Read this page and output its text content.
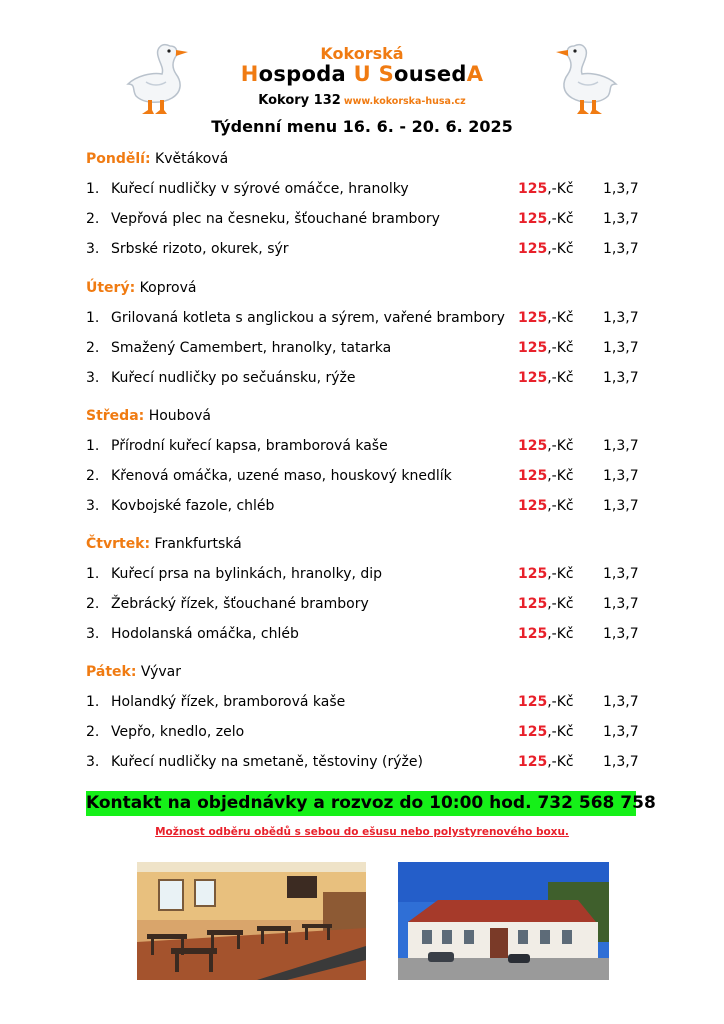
Kokorská
Hospoda U SousedA
Kokory 132 www.kokorska-husa.cz
Týdenní menu 16. 6. - 20. 6. 2025
Pondělí: Květáková
1. Kuřecí nudličky v sýrové omáčce, hranolky	125,-Kč 1,3,7
2. Vepřová plec na česneku, šťouchané brambory	125,-Kč 1,3,7
3. Srbské rizoto, okurek, sýr	125,-Kč 1,3,7
Úterý: Koprová
1. Grilovaná kotleta s anglickou a sýrem, vařené brambory 125,-Kč 1,3,7
2. Smažený Camembert, hranolky, tatarka	125,-Kč 1,3,7
3. Kuřecí nudličky po sečuánsku, rýže	125,-Kč 1,3,7
Středa: Houbová
1. Přírodní kuřecí kapsa, bramborová kaše	125,-Kč 1,3,7
2. Křenová omáčka, uzené maso, houskový knedlík	125,-Kč 1,3,7
3. Kovbojské fazole, chléb	125,-Kč 1,3,7
Čtvrtek: Frankfurtská
1. Kuřecí prsa na bylinkách, hranolky, dip	125,-Kč 1,3,7
2. Žebrácký řízek, šťouchané brambory	125,-Kč 1,3,7
3. Hodolanská omáčka, chléb	125,-Kč 1,3,7
Pátek: Vývar
1. Holandký řízek, bramborová kaše	125,-Kč 1,3,7
2. Vepřo, knedlo, zelo	125,-Kč 1,3,7
3. Kuřecí nudličky na smetaně, těstoviny (rýže)	125,-Kč 1,3,7
Kontakt na objednávky a rozvoz do 10:00 hod. 732 568 758
Možnost odběru obědů s sebou do ešusu nebo polystyrenového boxu.
